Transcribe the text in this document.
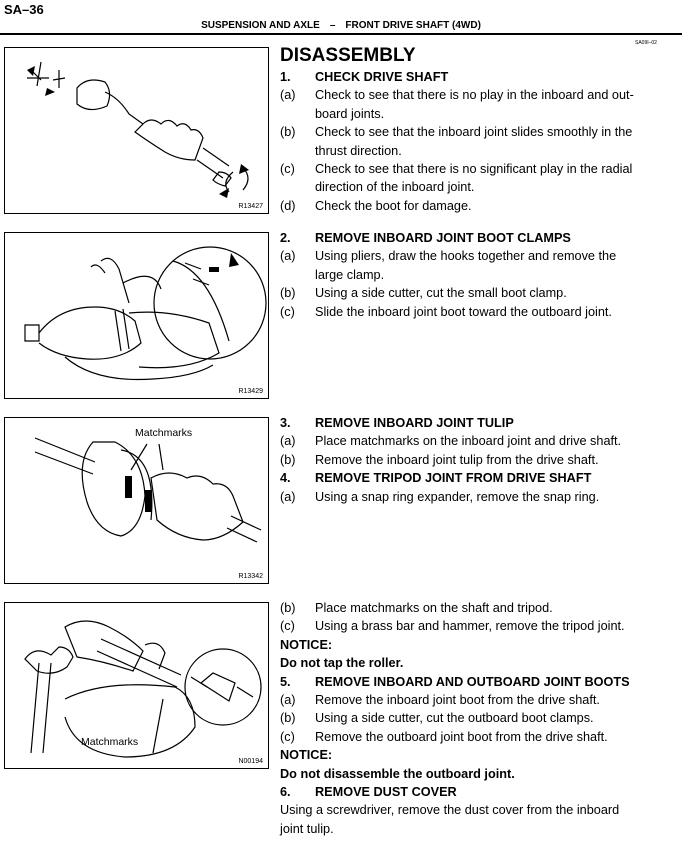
SA–36
SUSPENSION AND AXLE – FRONT DRIVE SHAFT (4WD)
SA09I–02
R13427
R13429
Matchmarks
R13342
Matchmarks
N00194
DISASSEMBLY
1. CHECK DRIVE SHAFT
(a) Check to see that there is no play in the inboard and out-
board joints.
(b) Check to see that the inboard joint slides smoothly in the
thrust direction.
(c) Check to see that there is no significant play in the radial
direction of the inboard joint.
(d) Check the boot for damage.
2. REMOVE INBOARD JOINT BOOT CLAMPS
(a) Using pliers, draw the hooks together and remove the
large clamp.
(b) Using a side cutter, cut the small boot clamp.
(c) Slide the inboard joint boot toward the outboard joint.
3. REMOVE INBOARD JOINT TULIP
(a) Place matchmarks on the inboard joint and drive shaft.
(b) Remove the inboard joint tulip from the drive shaft.
4. REMOVE TRIPOD JOINT FROM DRIVE SHAFT
(a) Using a snap ring expander, remove the snap ring.
(b) Place matchmarks on the shaft and tripod.
(c) Using a brass bar and hammer, remove the tripod joint.
NOTICE:
Do not tap the roller.
5. REMOVE INBOARD AND OUTBOARD JOINT BOOTS
(a) Remove the inboard joint boot from the drive shaft.
(b) Using a side cutter, cut the outboard boot clamps.
(c) Remove the outboard joint boot from the drive shaft.
NOTICE:
Do not disassemble the outboard joint.
6. REMOVE DUST COVER
Using a screwdriver, remove the dust cover from the inboard
joint tulip.
